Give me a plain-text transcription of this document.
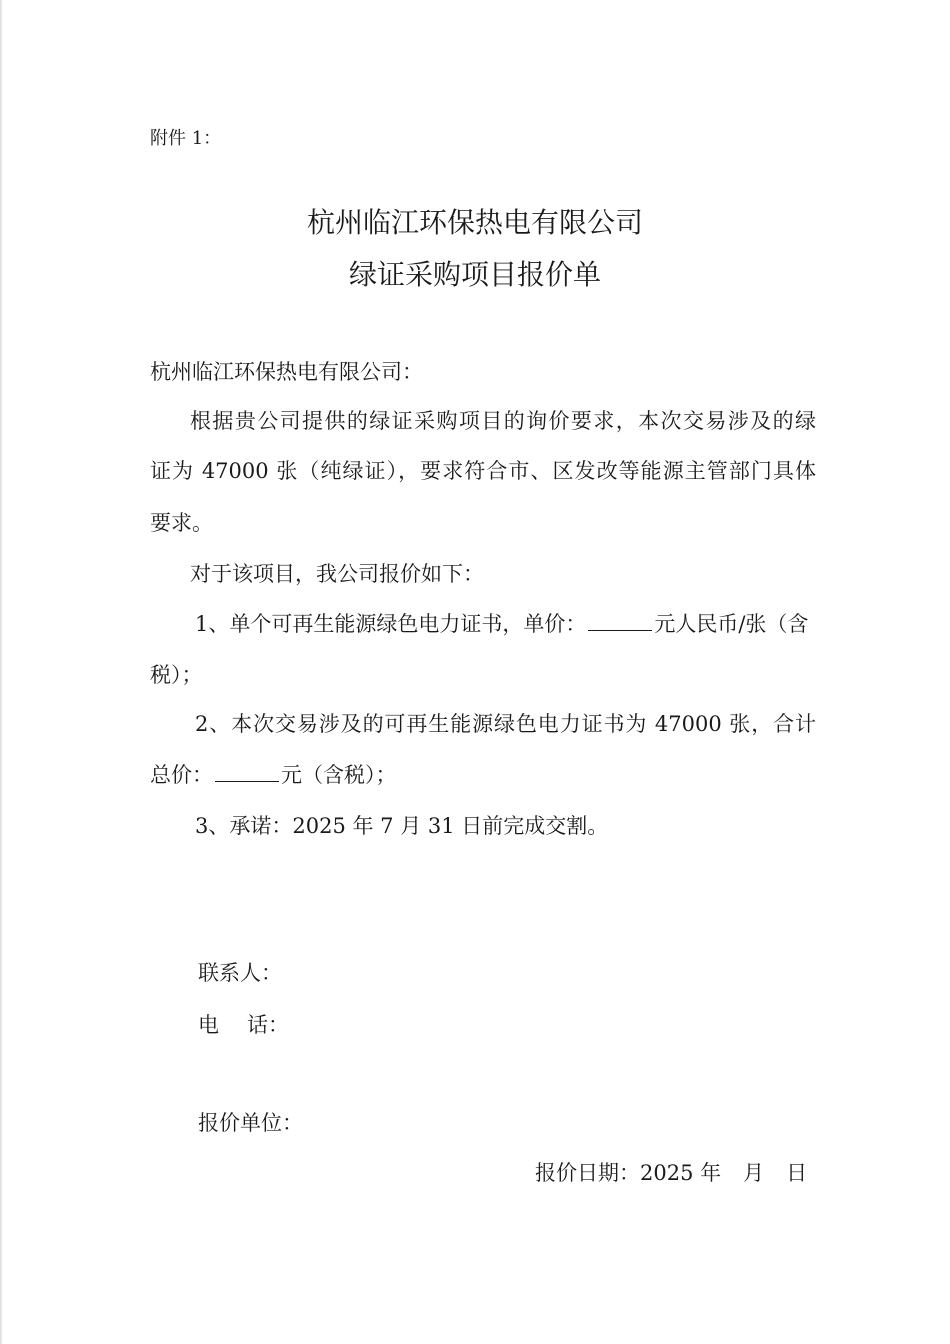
附件 1：
杭州临江环保热电有限公司
绿证采购项目报价单
杭州临江环保热电有限公司：
根据贵公司提供的绿证采购项目的询价要求，本次交易涉及的绿
证为 47000 张（纯绿证），要求符合市、区发改等能源主管部门具体
要求。
对于该项目，我公司报价如下：
1、单个可再生能源绿色电力证书，单价：	元人民币/张（含
税）；
2、本次交易涉及的可再生能源绿色电力证书为 47000 张，合计
总价：	元（含税）；
3、承诺：2025 年 7 月 31 日前完成交割。
联系人：
电 话：
报价单位：
报价日期：2025 年 月 日
